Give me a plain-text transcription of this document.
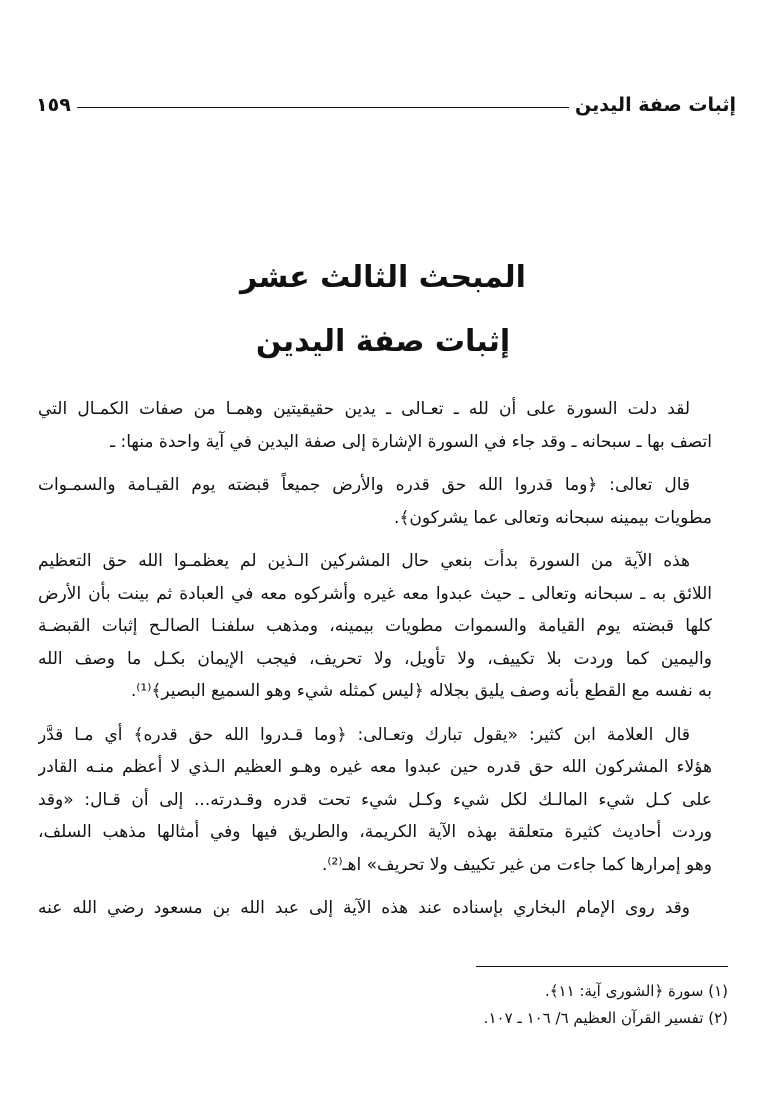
إثبات صفة اليدين
١٥٩
المبحث الثالث عشر
إثبات صفة اليدين
لقد دلت السورة على أن لله ـ تعـالى ـ يدين حقيقيتين وهمـا من صفات الكمـال التي
اتصف بها ـ سبحانه ـ وقد جاء في السورة الإشارة إلى صفة اليدين في آية واحدة منها: ـ
قال تعالى: ﴿وما قدروا الله حق قدره والأرض جميعاً قبضته يوم القيـامة والسمـوات
مطويات بيمينه سبحانه وتعالى عما يشركون﴾.
هذه الآية من السورة بدأت بنعي حال المشركين الـذين لم يعظمـوا الله حق التعظيم
اللائق به ـ سبحانه وتعالى ـ حيث عبدوا معه غيره وأشركوه معه في العبادة ثم بينت بأن الأرض
كلها قبضته يوم القيامة والسموات مطويات بيمينه، ومذهب سلفنـا الصالـح إثبات القبضـة
واليمين كما وردت بلا تكييف، ولا تأويل، ولا تحريف، فيجب الإيمان بكـل ما وصف الله
به نفسه مع القطع بأنه وصف يليق بجلاله ﴿ليس كمثله شيء وهو السميع البصير﴾⁽¹⁾.
قال العلامة ابن كثير: «يقول تبارك وتعـالى: ﴿وما قـدروا الله حق قدره﴾ أي مـا قدَّر
هؤلاء المشركون الله حق قدره حين عبدوا معه غيره وهـو العظيم الـذي لا أعظم منـه القادر
على كـل شيء المالـك لكل شيء وكـل شيء تحت قدره وقـدرته... إلى أن قـال: «وقد
وردت أحاديث كثيرة متعلقة بهذه الآية الكريمة، والطريق فيها وفي أمثالها مذهب السلف،
وهو إمرارها كما جاءت من غير تكييف ولا تحريف» اهـ⁽²⁾.
وقد روى الإمام البخاري بإسناده عند هذه الآية إلى عبد الله بن مسعود رضي الله عنه
(١) سورة ﴿الشورى آية: ١١﴾.
(٢) تفسير القرآن العظيم ٦/ ١٠٦ ـ ١٠٧.
